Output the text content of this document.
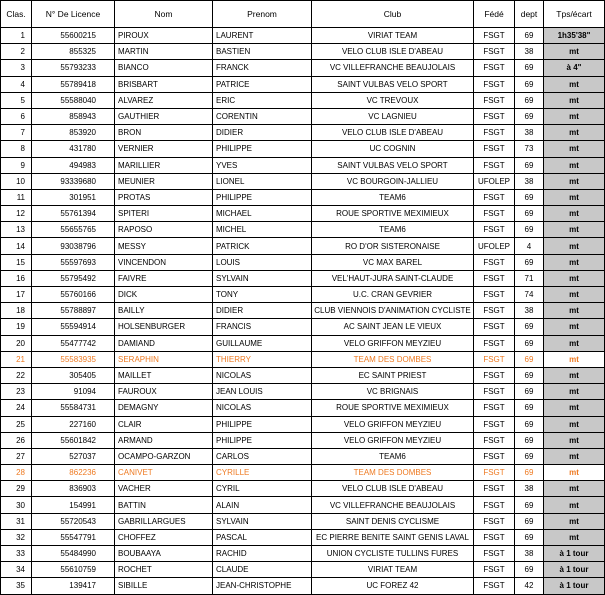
Clas.	N° De Licence	Nom	Prenom	Club	Fédé	dept	Tps/écart
1	55600215	PIROUX	LAURENT	VIRIAT TEAM	FSGT	69	1h35'38"
2	855325	MARTIN	BASTIEN	VELO CLUB ISLE D'ABEAU	FSGT	38	mt
3	55793233	BIANCO	FRANCK	VC VILLEFRANCHE BEAUJOLAIS	FSGT	69	à 4"
4	55789418	BRISBART	PATRICE	SAINT VULBAS VELO SPORT	FSGT	69	mt
5	55588040	ALVAREZ	ERIC	VC TREVOUX	FSGT	69	mt
6	858943	GAUTHIER	CORENTIN	VC LAGNIEU	FSGT	69	mt
7	853920	BRON	DIDIER	VELO CLUB ISLE D'ABEAU	FSGT	38	mt
8	431780	VERNIER	PHILIPPE	UC COGNIN	FSGT	73	mt
9	494983	MARILLIER	YVES	SAINT VULBAS VELO SPORT	FSGT	69	mt
10	93339680	MEUNIER	LIONEL	VC BOURGOIN-JALLIEU	UFOLEP	38	mt
11	301951	PROTAS	PHILIPPE	TEAM6	FSGT	69	mt
12	55761394	SPITERI	MICHAEL	ROUE SPORTIVE MEXIMIEUX	FSGT	69	mt
13	55655765	RAPOSO	MICHEL	TEAM6	FSGT	69	mt
14	93038796	MESSY	PATRICK	RO D'OR SISTERONAISE	UFOLEP	4	mt
15	55597693	VINCENDON	LOUIS	VC MAX BAREL	FSGT	69	mt
16	55795492	FAIVRE	SYLVAIN	VEL'HAUT-JURA SAINT-CLAUDE	FSGT	71	mt
17	55760166	DICK	TONY	U.C. CRAN GEVRIER	FSGT	74	mt
18	55788897	BAILLY	DIDIER	CLUB VIENNOIS D'ANIMATION CYCLISTE	FSGT	38	mt
19	55594914	HOLSENBURGER	FRANCIS	AC SAINT JEAN LE VIEUX	FSGT	69	mt
20	55477742	DAMIAND	GUILLAUME	VELO GRIFFON MEYZIEU	FSGT	69	mt
21	55583935	SERAPHIN	THIERRY	TEAM DES DOMBES	FSGT	69	mt
22	305405	MAILLET	NICOLAS	EC SAINT PRIEST	FSGT	69	mt
23	91094	FAUROUX	JEAN LOUIS	VC BRIGNAIS	FSGT	69	mt
24	55584731	DEMAGNY	NICOLAS	ROUE SPORTIVE MEXIMIEUX	FSGT	69	mt
25	227160	CLAIR	PHILIPPE	VELO GRIFFON MEYZIEU	FSGT	69	mt
26	55601842	ARMAND	PHILIPPE	VELO GRIFFON MEYZIEU	FSGT	69	mt
27	527037	OCAMPO-GARZON	CARLOS	TEAM6	FSGT	69	mt
28	862236	CANIVET	CYRILLE	TEAM DES DOMBES	FSGT	69	mt
29	836903	VACHER	CYRIL	VELO CLUB ISLE D'ABEAU	FSGT	38	mt
30	154991	BATTIN	ALAIN	VC VILLEFRANCHE BEAUJOLAIS	FSGT	69	mt
31	55720543	GABRILLARGUES	SYLVAIN	SAINT DENIS CYCLISME	FSGT	69	mt
32	55547791	CHOFFEZ	PASCAL	EC PIERRE BENITE SAINT GENIS LAVAL	FSGT	69	mt
33	55484990	BOUBAAYA	RACHID	UNION CYCLISTE TULLINS FURES	FSGT	38	à 1 tour
34	55610759	ROCHET	CLAUDE	VIRIAT TEAM	FSGT	69	à 1 tour
35	139417	SIBILLE	JEAN-CHRISTOPHE	UC FOREZ 42	FSGT	42	à 1 tour
